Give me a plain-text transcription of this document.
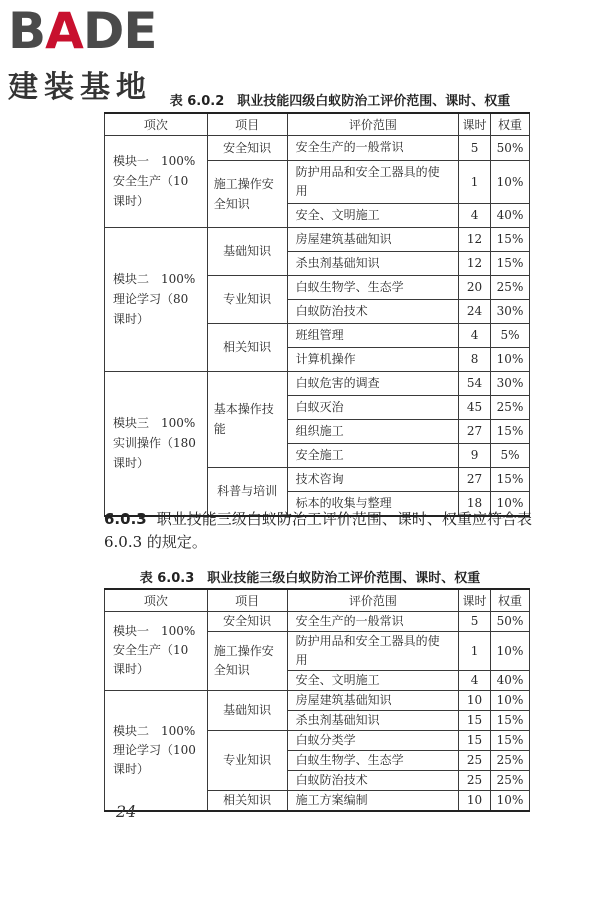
B A DE
建装基地	表 6.0.2　职业技能四级白蚁防治工评价范围、课时、权重
项次	项目	评价范围	课时	权重
模块一　100%安全生产（10 课时）	安全知识	安全生产的一般常识	5	50%
	施工操作安全知识	防护用品和安全工器具的使用	1	10%
		安全、文明施工	4	40%
模块二　100%理论学习（80 课时）	基础知识	房屋建筑基础知识	12	15%
		杀虫剂基础知识	12	15%
	专业知识	白蚁生物学、生态学	20	25%
		白蚁防治技术	24	30%
	相关知识	班组管理	4	5%
		计算机操作	8	10%
模块三　100%实训操作（180 课时）	基本操作技能	白蚁危害的调查	54	30%
		白蚁灭治	45	25%
		组织施工	27	15%
		安全施工	9	5%
	科普与培训	技术咨询	27	15%
		标本的收集与整理	18	10%
6.0.3 职业技能三级白蚁防治工评价范围、课时、权重应符合表 6.0.3 的规定。
表 6.0.3　职业技能三级白蚁防治工评价范围、课时、权重
项次	项目	评价范围	课时	权重
模块一　100%安全生产（10 课时）	安全知识	安全生产的一般常识	5	50%
	施工操作安全知识	防护用品和安全工器具的使用	1	10%
		安全、文明施工	4	40%
模块二　100%理论学习（100 课时）	基础知识	房屋建筑基础知识	10	10%
		杀虫剂基础知识	15	15%
	专业知识	白蚁分类学	15	15%
		白蚁生物学、生态学	25	25%
		白蚁防治技术	25	25%
	相关知识	施工方案编制	10	10%
24
